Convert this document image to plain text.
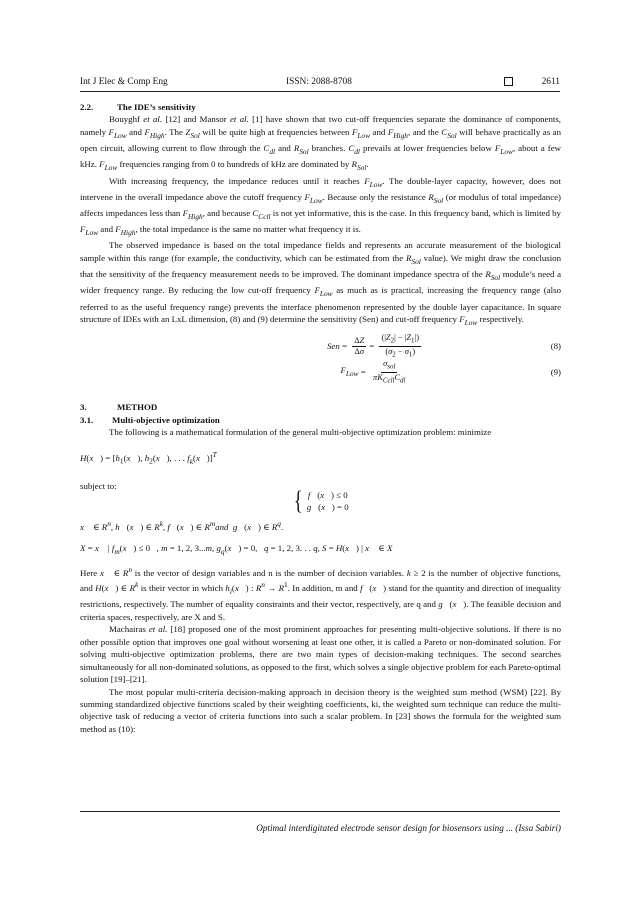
Int J Elec & Comp Eng	ISSN: 2088-8708	2611

2.2.	The IDE’s sensitivity

Bouyghf et al. [12] and Mansor et al. [1] have shown that two cut-off frequencies separate the dominance of components, namely $F_{Low}$ and $F_{High}$. The $Z_{Sol}$ will be quite high at frequencies between $F_{Low}$ and $F_{High}$, and the $C_{Sol}$ will behave practically as an open circuit, allowing current to flow through the $C_{dl}$ and $R_{Sol}$ branches. $C_{dl}$ prevails at lower frequencies below $F_{Low}$, about a few kHz. $F_{Low}$ frequencies ranging from 0 to hundreds of kHz are dominated by $R_{Sol}$.

With increasing frequency, the impedance reduces until it reaches $F_{Low}$. The double-layer capacity, however, does not intervene in the overall impedance above the cutoff frequency $F_{Low}$. Because only the resistance $R_{Sol}$ (or modulus of total impedance) affects impedances less than $F_{High}$, and because $C_{Ccll}$ is not yet informative, this is the case. In this frequency band, which is limited by $F_{Low}$ and $F_{High}$, the total impedance is the same no matter what frequency it is.

The observed impedance is based on the total impedance fields and represents an accurate measurement of the biological sample within this range (for example, the conductivity, which can be estimated from the $R_{Sol}$ value). We might draw the conclusion that the sensitivity of the frequency measurement needs to be improved. The dominant impedance spectra of the $R_{Sol}$ module’s need a wider frequency range. By reducing the low cut-off frequency $F_{Low}$ as much as is practical, increasing the frequency range (also referred to as the useful frequency range) prevents the interface phenomenon represented by the double layer capacitance. In square structure of IDEs with an LxL dimension, (8) and (9) determine the sensitivity (Sen) and cut-off frequency $F_{Low}$ respectively.

Sen = $\frac{\Delta Z}{\Delta\sigma} = \frac{(|Z_2| - |Z_1|)}{(\sigma_2 - \sigma_1)}$	(8)
$F_{Low} = \frac{\sigma_{sol}}{\pi K_{Ccll}C_{dl}}$	(9)

3.	METHOD

3.1. Multi-objective optimization

The following is a mathematical formulation of the general multi-objective optimization problem: minimize

H(x⃗) = [$h_1(x⃗)$, $h_2(x⃗)$, . . . $f_k(x⃗)]^T$

subject to:

{ f⃗(x⃗) ≤ 0
g⃗(x⃗) = 0

x⃗ ∈ $R^n$, h⃗(x⃗) ∈ $R^k$, f⃗(x⃗) ∈ $R^mand$ g⃗(x⃗) ∈ $R^q$.

X = x⃗ | $f_m(x⃗) \le 0$   , m = 1, 2, 3...m, $g_q(x⃗) = 0$,   q = 1, 2, 3. . . q, S = H(x⃗) | x⃗ ∈ X

Here x⃗ ∈ $R^n$ is the vector of design variables and n is the number of decision variables. k ≥ 2 is the number of objective functions, and H(x⃗) ∈ $R^k$ is their vector in which $h_i(x⃗)$ : $R^n \to R^1$. In addition, m and f⃗(x⃗) stand for the quantity and direction of inequality restrictions, respectively. The number of equality constraints and their vector, respectively, are q and g⃗(x⃗). The feasible decision and criteria spaces, respectively, are X and S.

Machairas et al. [18] proposed one of the most prominent approaches for presenting multi-objective solutions. If there is no other possible option that improves one goal without worsening at least one other, it is called a Pareto or non-dominated solution. For solving multi-objective optimization problems, there are two main types of decision-making techniques. The second searches simultaneously for all non-dominated solutions, as opposed to the first, which solves a single objective problem for each Pareto-optimal solution [19]–[21].

The most popular multi-criteria decision-making approach in decision theory is the weighted sum method (WSM) [22]. By summing standardized objective functions scaled by their weighting coefficients, ki, the weighted sum technique can reduce the multi-objective task of reducing a vector of criteria functions into such a scalar problem. In [23] shows the formula for the weighted sum method as (10):

Optimal interdigitated electrode sensor design for biosensors using ... (Issa Sabiri)
